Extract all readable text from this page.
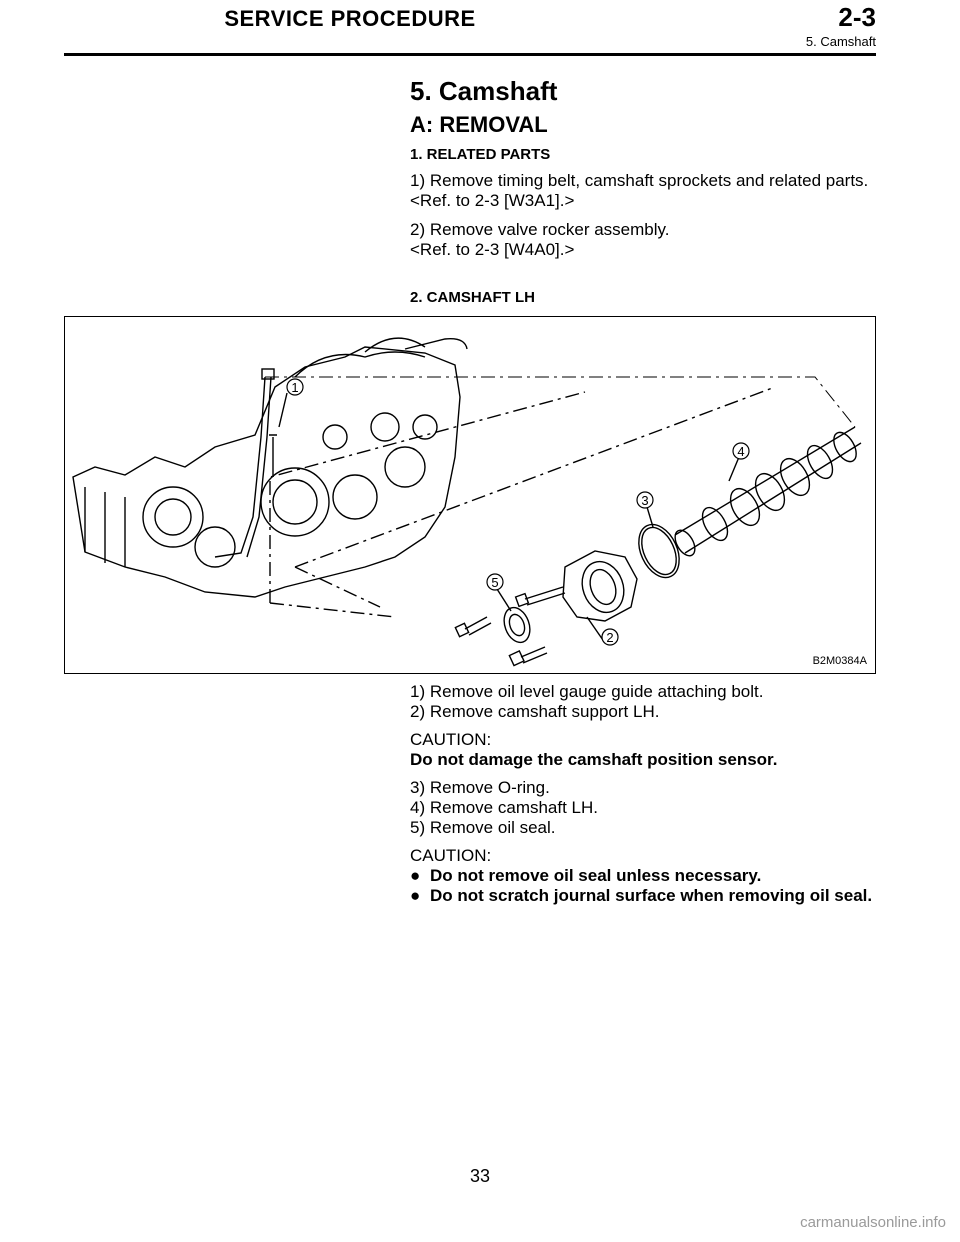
SERVICE PROCEDURE	2-3
5. Camshaft
5. Camshaft
A: REMOVAL
1. RELATED PARTS
1) Remove timing belt, camshaft sprockets and related parts.
<Ref. to 2-3 [W3A1].>
2) Remove valve rocker assembly.
<Ref. to 2-3 [W4A0].>
2. CAMSHAFT LH
1
2
3
4
5
B2M0384A
1) Remove oil level gauge guide attaching bolt.
2) Remove camshaft support LH.
CAUTION:
Do not damage the camshaft position sensor.
3) Remove O-ring.
4) Remove camshaft LH.
5) Remove oil seal.
CAUTION:
● Do not remove oil seal unless necessary.
● Do not scratch journal surface when removing oil seal.
33
carmanualsonline.info
